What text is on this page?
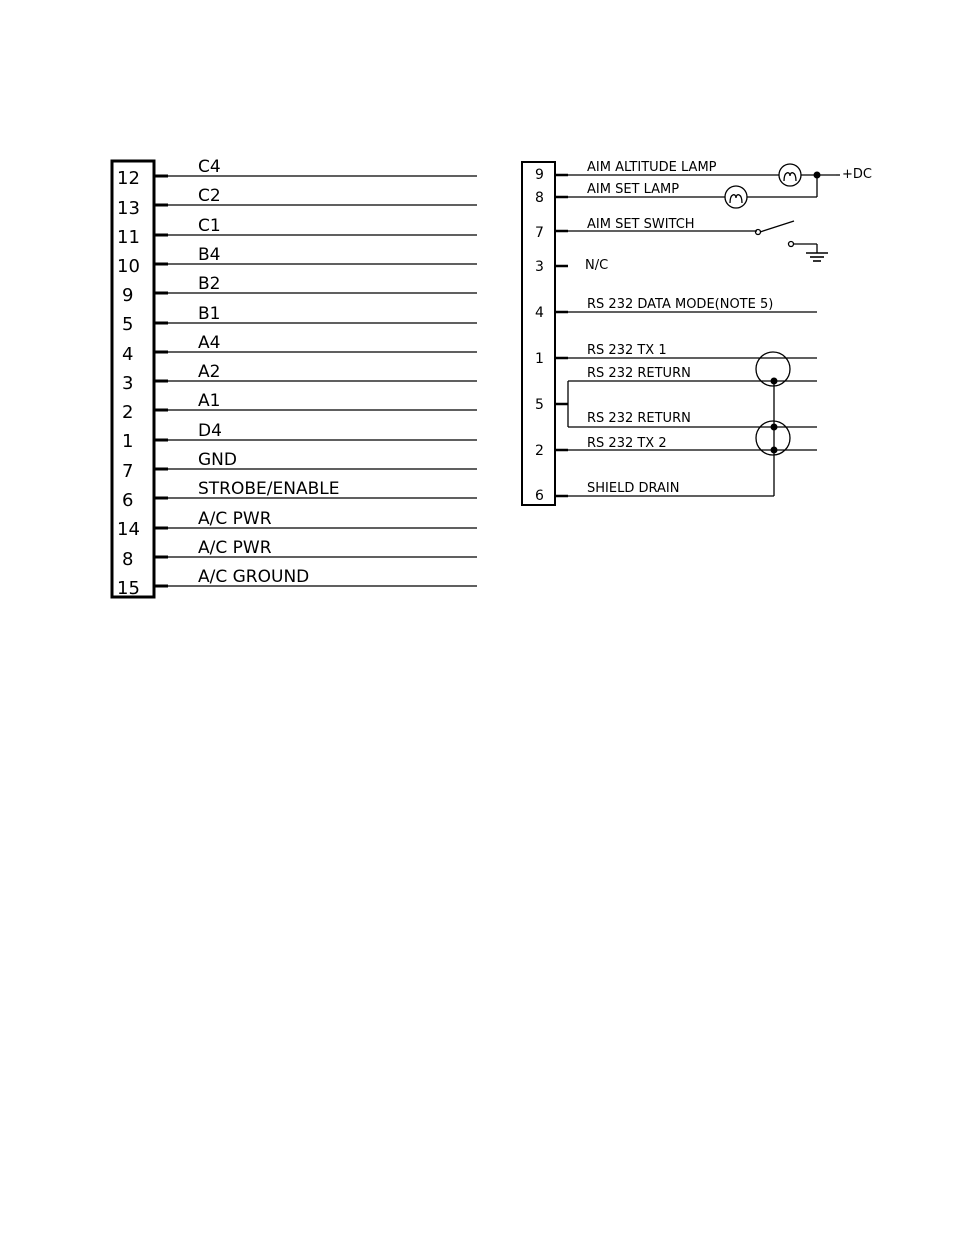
12
13
11
10
9
5
4
3
2
1
7
6
14
8
15
C4
C2
C1
B4
B2
B1
A4
A2
A1
D4
GND
STROBE/ENABLE
A/C PWR
A/C PWR
A/C GROUND
9
8
7
3
4
1
5
2
6
AIM ALTITUDE LAMP
AIM SET LAMP
AIM SET SWITCH
N/C
RS 232 DATA MODE(NOTE 5)
RS 232 TX 1
RS 232 RETURN
RS 232 RETURN
RS 232 TX 2
SHIELD DRAIN
+DC
